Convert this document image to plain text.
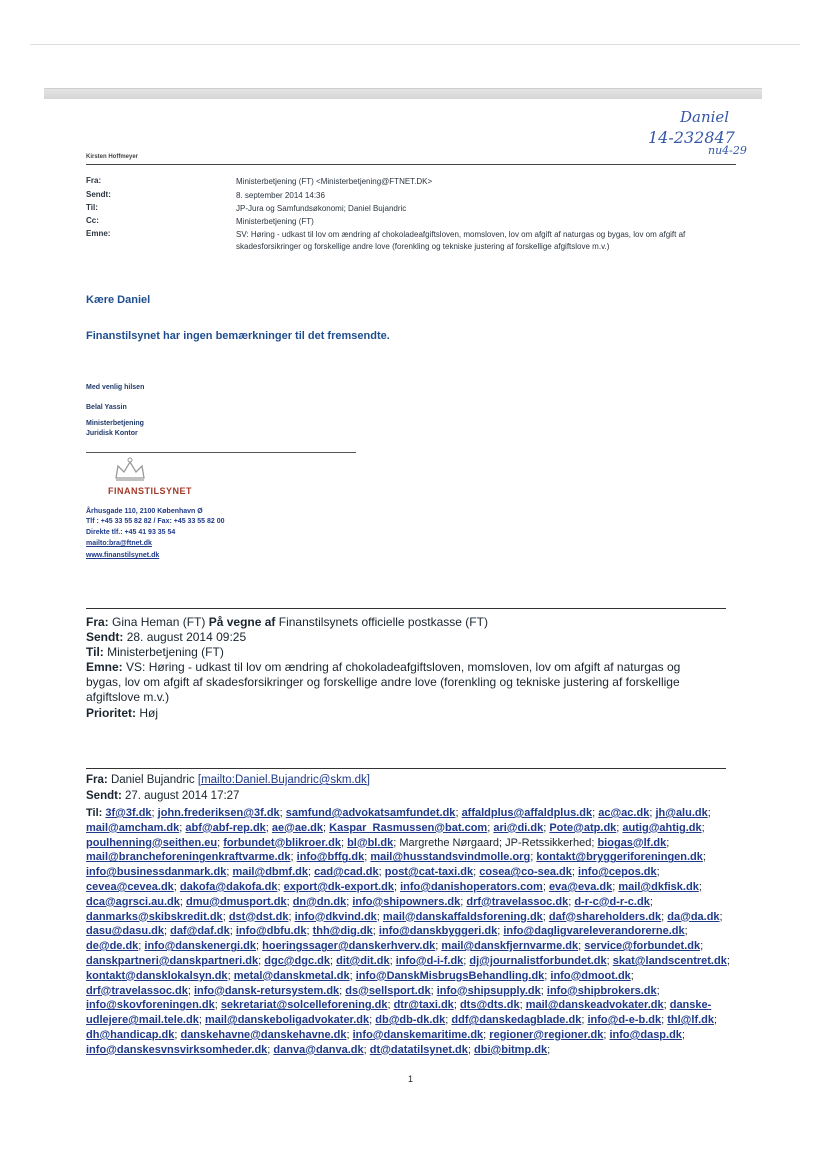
Daniel
14-232847
nu4-29
Kirsten Hoffmeyer
Fra:
Sendt:
Til:
Cc:
Emne:
Ministerbetjening (FT) <Ministerbetjening@FTNET.DK>
8. september 2014 14:36
JP-Jura og Samfundsøkonomi; Daniel Bujandric
Ministerbetjening (FT)
SV: Høring - udkast til lov om ændring af chokoladeafgiftsloven, momsloven, lov om afgift af naturgas og bygas, lov om afgift af skadesforsikringer og forskellige andre love (forenkling og tekniske justering af forskellige afgiftslove m.v.)
Kære Daniel
Finanstilsynet har ingen bemærkninger til det fremsendte.
Med venlig hilsen
Belal Yassin
Ministerbetjening
Juridisk Kontor
FINANSTILSYNET
Århusgade 110, 2100 København Ø
Tlf : +45 33 55 82 82 / Fax: +45 33 55 82 00
Direkte tlf.: +45 41 93 35 54
mailto:bra@ftnet.dk
www.finanstilsynet.dk
Fra: Gina Heman (FT) På vegne af Finanstilsynets officielle postkasse (FT)
Sendt: 28. august 2014 09:25
Til: Ministerbetjening (FT)
Emne: VS: Høring - udkast til lov om ændring af chokoladeafgiftsloven, momsloven, lov om afgift af naturgas og
bygas, lov om afgift af skadesforsikringer og forskellige andre love (forenkling og tekniske justering af forskellige
afgiftslove m.v.)
Prioritet: Høj
Fra: Daniel Bujandric [mailto:Daniel.Bujandric@skm.dk]
Sendt: 27. august 2014 17:27
Til: 3f@3f.dk; john.frederiksen@3f.dk; samfund@advokatsamfundet.dk; affaldplus@affaldplus.dk; ac@ac.dk; jh@alu.dk; mail@amcham.dk; abf@abf-rep.dk; ae@ae.dk; Kaspar_Rasmussen@bat.com; ari@di.dk; Pote@atp.dk; autig@ahtig.dk; poulhenning@seithen.eu; forbundet@blikroer.dk; bl@bl.dk; Margrethe Nørgaard; JP-Retssikkerhed; biogas@lf.dk; mail@brancheforeningenkraftvarme.dk; info@bffg.dk; mail@husstandsvindmolle.org; kontakt@bryggeriforeningen.dk; info@businessdanmark.dk; mail@dbmf.dk; cad@cad.dk; post@cat-taxi.dk; cosea@co-sea.dk; info@cepos.dk; cevea@cevea.dk; dakofa@dakofa.dk; export@dk-export.dk; info@danishoperators.com; eva@eva.dk; mail@dkfisk.dk; dca@agrsci.au.dk; dmu@dmusport.dk; dn@dn.dk; info@shipowners.dk; drf@travelassoc.dk; d-r-c@d-r-c.dk; danmarks@skibskredit.dk; dst@dst.dk; info@dkvind.dk; mail@danskaffaldsforening.dk; daf@shareholders.dk; da@da.dk; dasu@dasu.dk; daf@daf.dk; info@dbfu.dk; thh@dig.dk; info@danskbyggeri.dk; info@dagligvareleverandorerne.dk; de@de.dk; info@danskenergi.dk; hoeringssager@danskerhverv.dk; mail@danskfjernvarme.dk; service@forbundet.dk; danskpartneri@danskpartneri.dk; dgc@dgc.dk; dit@dit.dk; info@d-i-f.dk; dj@journalistforbundet.dk; skat@landscentret.dk; kontakt@dansklokalsyn.dk; metal@danskmetal.dk; info@DanskMisbrugsBehandling.dk; info@dmoot.dk; drf@travelassoc.dk; info@dansk-retursystem.dk; ds@sellsport.dk; info@shipsupply.dk; info@shipbrokers.dk; info@skovforeningen.dk; sekretariat@solcelleforening.dk; dtr@taxi.dk; dts@dts.dk; mail@danskeadvokater.dk; danske-udlejere@mail.tele.dk; mail@danskeboligadvokater.dk; db@db-dk.dk; ddf@danskedagblade.dk; info@d-e-b.dk; thl@lf.dk; dh@handicap.dk; danskehavne@danskehavne.dk; info@danskemaritime.dk; regioner@regioner.dk; info@dasp.dk; info@danskesvnsvirksomheder.dk; danva@danva.dk; dt@datatilsynet.dk; dbi@bitmp.dk;
1
